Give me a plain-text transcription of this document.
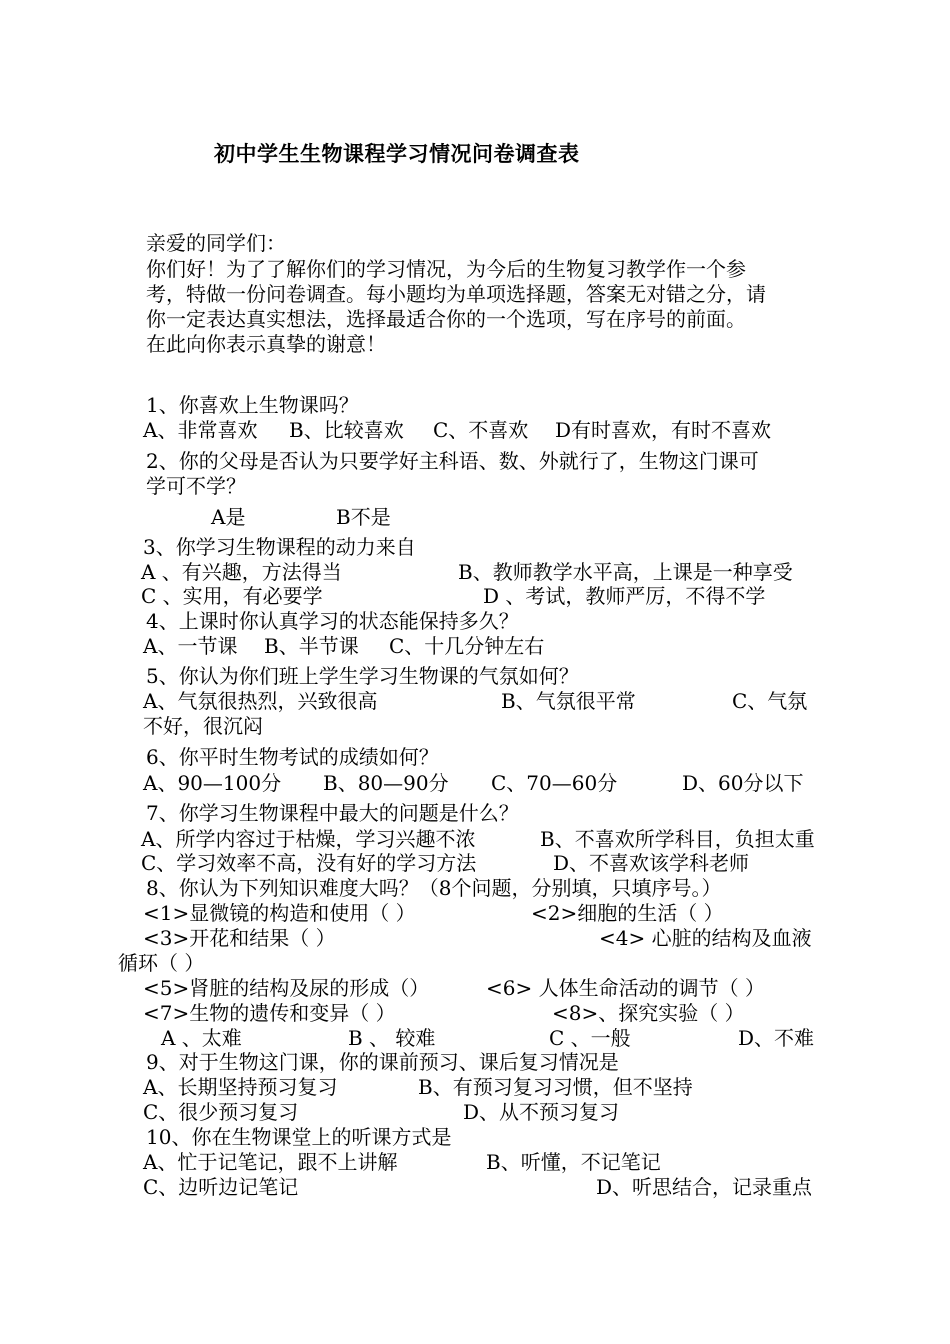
初中学生生物课程学习情况问卷调查表
亲爱的同学们：
你们好！为了了解你们的学习情况，为今后的生物复习教学作一个参
考，特做一份问卷调查。每小题均为单项选择题，答案无对错之分，请
你一定表达真实想法，选择最适合你的一个选项，写在序号的前面。
在此向你表示真挚的谢意！
1、你喜欢上生物课吗？
A、非常喜欢 B、比较喜欢 C、不喜欢 D有时喜欢，有时不喜欢
2、你的父母是否认为只要学好主科语、数、外就行了，生物这门课可
学可不学？
A是	B不是
3、你学习生物课程的动力来自
A 、有兴趣，方法得当	B、教师教学水平高，上课是一种享受
C 、实用，有必要学	D 、考试，教师严厉，不得不学
4、上课时你认真学习的状态能保持多久？
A、一节课 B、半节课 C、十几分钟左右
5、你认为你们班上学生学习生物课的气氛如何？
A、气氛很热烈，兴致很高	B、气氛很平常	C、气氛
不好，很沉闷
6、你平时生物考试的成绩如何？
A、90—100分 B、80—90分 C、70—60分	D、60分以下
7、你学习生物课程中最大的问题是什么？
A、所学内容过于枯燥，学习兴趣不浓	B、不喜欢所学科目，负担太重
C、学习效率不高，没有好的学习方法	D、不喜欢该学科老师
8、你认为下列知识难度大吗？（8个问题，分别填，只填序号。）
<1>显微镜的构造和使用（ ）	<2>细胞的生活（ ）
<3>开花和结果（ ）	<4> 心脏的结构及血液
循环（ ）
<5>肾脏的结构及尿的形成（）	<6> 人体生命活动的调节（ ）
<7>生物的遗传和变异（ ）	<8>、探究实验（ ）
A 、太难	B 、 较难	C 、一般	D、不难
9、对于生物这门课，你的课前预习、课后复习情况是
A、长期坚持预习复习	B、有预习复习习惯，但不坚持
C、很少预习复习	D、从不预习复习
10、你在生物课堂上的听课方式是
A、忙于记笔记，跟不上讲解	B、听懂，不记笔记
C、边听边记笔记	D、听思结合，记录重点
